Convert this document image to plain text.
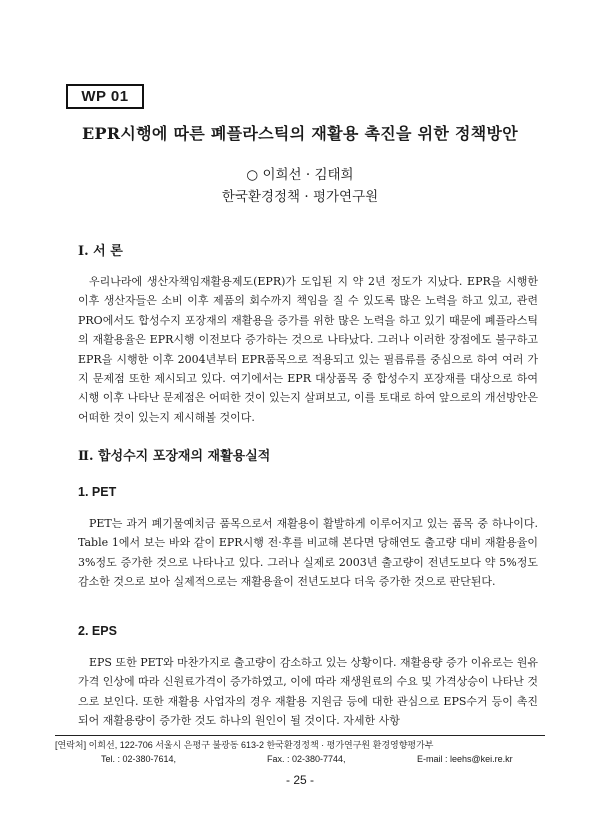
WP 01
EPR시행에 따른 폐플라스틱의 재활용 촉진을 위한 정책방안
○ 이희선 · 김태희
한국환경정책 · 평가연구원
Ⅰ. 서 론

우리나라에 생산자책임재활용제도(EPR)가 도입된 지 약 2년 정도가 지났다. EPR을 시행한 이후 생산자들은 소비 이후 제품의 회수까지 책임을 질 수 있도록 많은 노력을 하고 있고, 관련 PRO에서도 합성수지 포장재의 재활용을 증가를 위한 많은 노력을 하고 있기 때문에 폐플라스틱의 재활용율은 EPR시행 이전보다 증가하는 것으로 나타났다. 그러나 이러한 장점에도 불구하고 EPR을 시행한 이후 2004년부터 EPR품목으로 적용되고 있는 필름류를 중심으로 하여 여러 가지 문제점 또한 제시되고 있다. 여기에서는 EPR 대상품목 중 합성수지 포장재를 대상으로 하여 시행 이후 나타난 문제점은 어떠한 것이 있는지 살펴보고, 이를 토대로 하여 앞으로의 개선방안은 어떠한 것이 있는지 제시해볼 것이다.

Ⅱ. 합성수지 포장재의 재활용실적
1. PET

PET는 과거 폐기물예치금 품목으로서 재활용이 활발하게 이루어지고 있는 품목 중 하나이다. Table 1에서 보는 바와 같이 EPR시행 전·후를 비교해 본다면 당해연도 출고량 대비 재활용율이 3%정도 증가한 것으로 나타나고 있다. 그러나 실제로 2003년 출고량이 전년도보다 약 5%정도 감소한 것으로 보아 실제적으로는 재활용율이 전년도보다 더욱 증가한 것으로 판단된다.

2. EPS

EPS 또한 PET와 마찬가지로 출고량이 감소하고 있는 상황이다. 재활용량 증가 이유로는 원유가격 인상에 따라 신원료가격이 증가하였고, 이에 따라 재생원료의 수요 및 가격상승이 나타난 것으로 보인다. 또한 재활용 사업자의 경우 재활용 지원금 등에 대한 관심으로 EPS수거 등이 촉진되어 재활용량이 증가한 것도 하나의 원인이 될 것이다. 자세한 사항

[연락처] 이희선, 122-706 서울시 은평구 불광동 613-2 한국환경정책 · 평가연구원 환경영향평가부
Tel. : 02-380-7614,	Fax. : 02-380-7744,	E-mail : leehs@kei.re.kr
- 25 -
